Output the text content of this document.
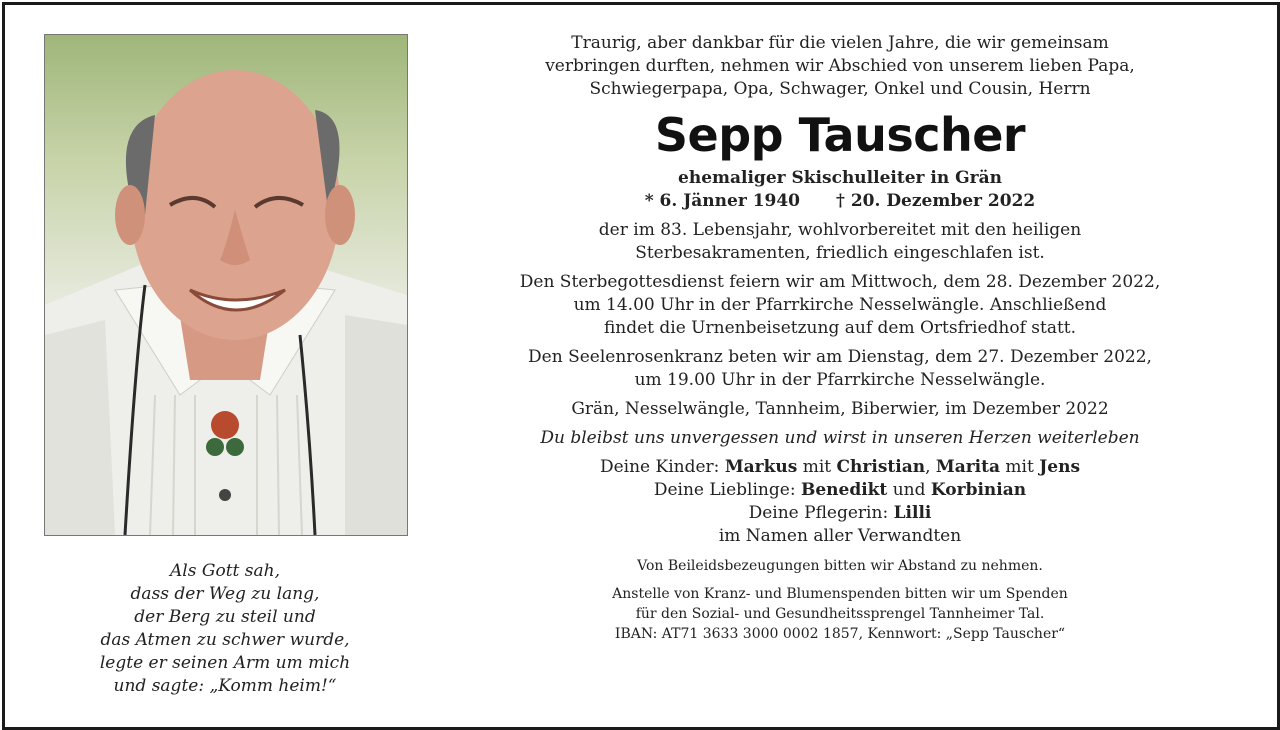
Als Gott sah,
dass der Weg zu lang,
der Berg zu steil und
das Atmen zu schwer wurde,
legte er seinen Arm um mich
und sagte: „Komm heim!“
Traurig, aber dankbar für die vielen Jahre, die wir gemeinsam
verbringen durften, nehmen wir Abschied von unserem lieben Papa,
Schwiegerpapa, Opa, Schwager, Onkel und Cousin, Herrn
Sepp Tauscher
ehemaliger Skischulleiter in Grän
* 6. Jänner 1940 † 20. Dezember 2022
der im 83. Lebensjahr, wohlvorbereitet mit den heiligen
Sterbesakramenten, friedlich eingeschlafen ist.
Den Sterbegottesdienst feiern wir am Mittwoch, dem 28. Dezember 2022,
um 14.00 Uhr in der Pfarrkirche Nesselwängle. Anschließend
findet die Urnenbeisetzung auf dem Ortsfriedhof statt.
Den Seelenrosenkranz beten wir am Dienstag, dem 27. Dezember 2022,
um 19.00 Uhr in der Pfarrkirche Nesselwängle.
Grän, Nesselwängle, Tannheim, Biberwier, im Dezember 2022
Du bleibst uns unvergessen und wirst in unseren Herzen weiterleben
Deine Kinder: Markus mit Christian, Marita mit Jens
Deine Lieblinge: Benedikt und Korbinian
Deine Pflegerin: Lilli
im Namen aller Verwandten
Von Beileidsbezeugungen bitten wir Abstand zu nehmen.
Anstelle von Kranz- und Blumenspenden bitten wir um Spenden
für den Sozial- und Gesundheitssprengel Tannheimer Tal.
IBAN: AT71 3633 3000 0002 1857, Kennwort: „Sepp Tauscher“
